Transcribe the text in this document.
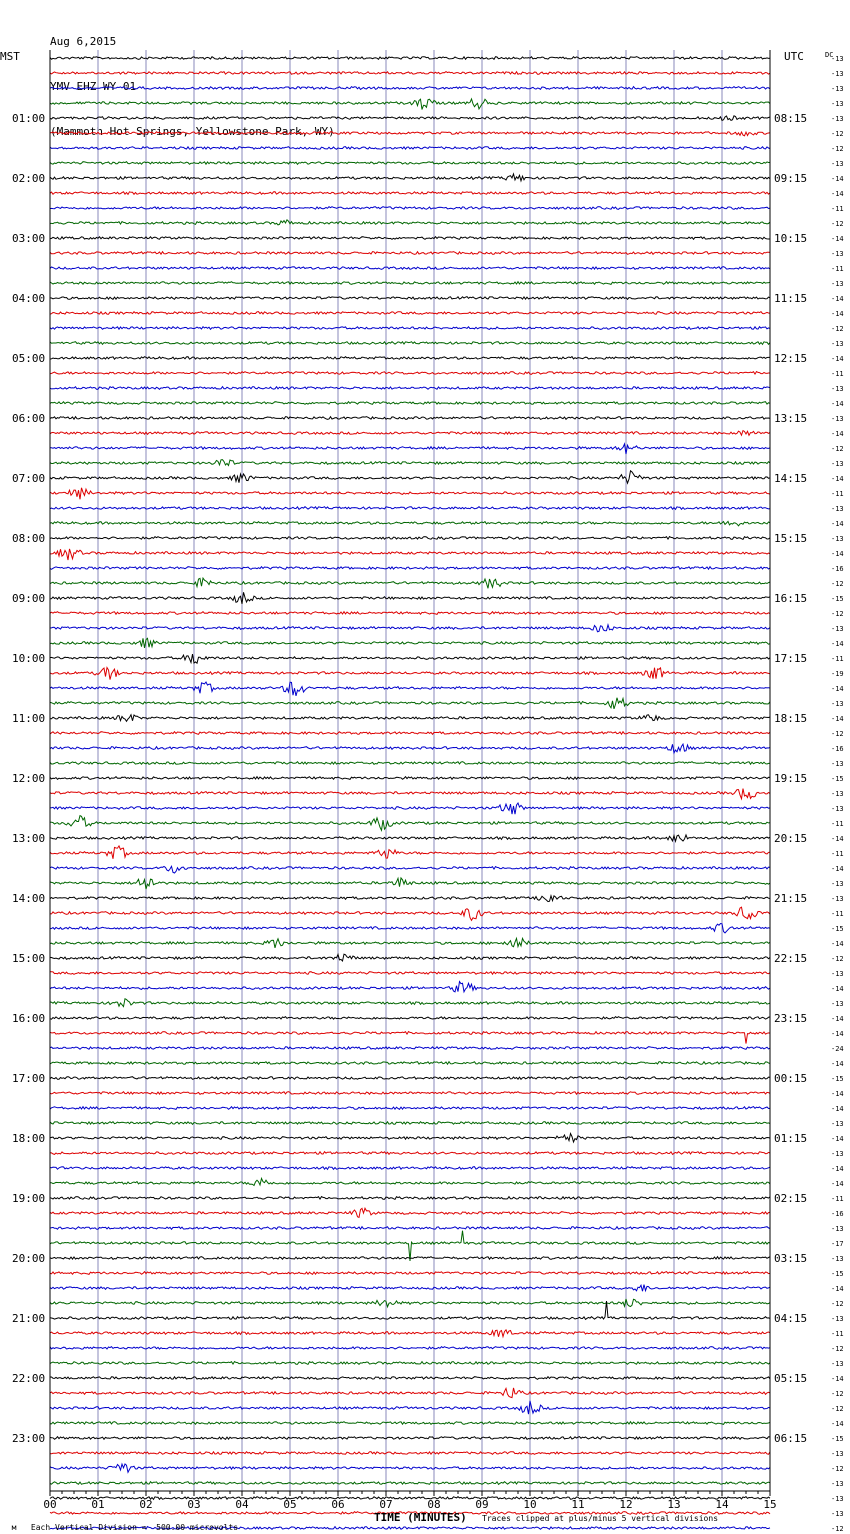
Aug 6,2015

YMV EHZ WY 01

(Mammoth Hot Springs, Yellowstone Park, WY)

00	01	02	03	04	05	06	07	08	09	10	11	12	13	14	15
MST	UTC	DC
01:00
02:00
03:00
04:00
05:00
06:00
07:00
08:00
09:00
10:00
11:00
12:00
13:00
14:00
15:00
16:00
17:00
18:00
19:00
20:00
21:00
22:00
23:00
08:15
09:15
10:15
11:15
12:15
13:15
14:15
15:15
16:15
17:15
18:15
19:15
20:15
21:15
22:15
23:15
00:15
01:15
02:15
03:15
04:15
05:15
06:15
-13
-13
-13
-13
-13
-12
-12
-13
-14
-14
-11
-12
-14
-13
-11
-13
-14
-14
-12
-13
-14
-11
-13
-14
-13
-14
-12
-13
-14
-11
-13
-14
-13
-14
-16
-12
-15
-12
-13
-14
-11
-19
-14
-13
-14
-12
-16
-13
-15
-13
-13
-11
-14
-11
-14
-13
-13
-11
-15
-14
-12
-13
-14
-13
-14
-14
-24
-14
-15
-14
-14
-13
-14
-13
-14
-14
-11
-16
-13
-17
-13
-15
-14
-12
-13
-11
-12
-13
-14
-12
-12
-14
-15
-13
-12
-13
-13
-13
-12

м Each Vertical Division =  500.00 microvolts

TIME (MINUTES) Traces clipped at plus/minus 5 vertical divisions
